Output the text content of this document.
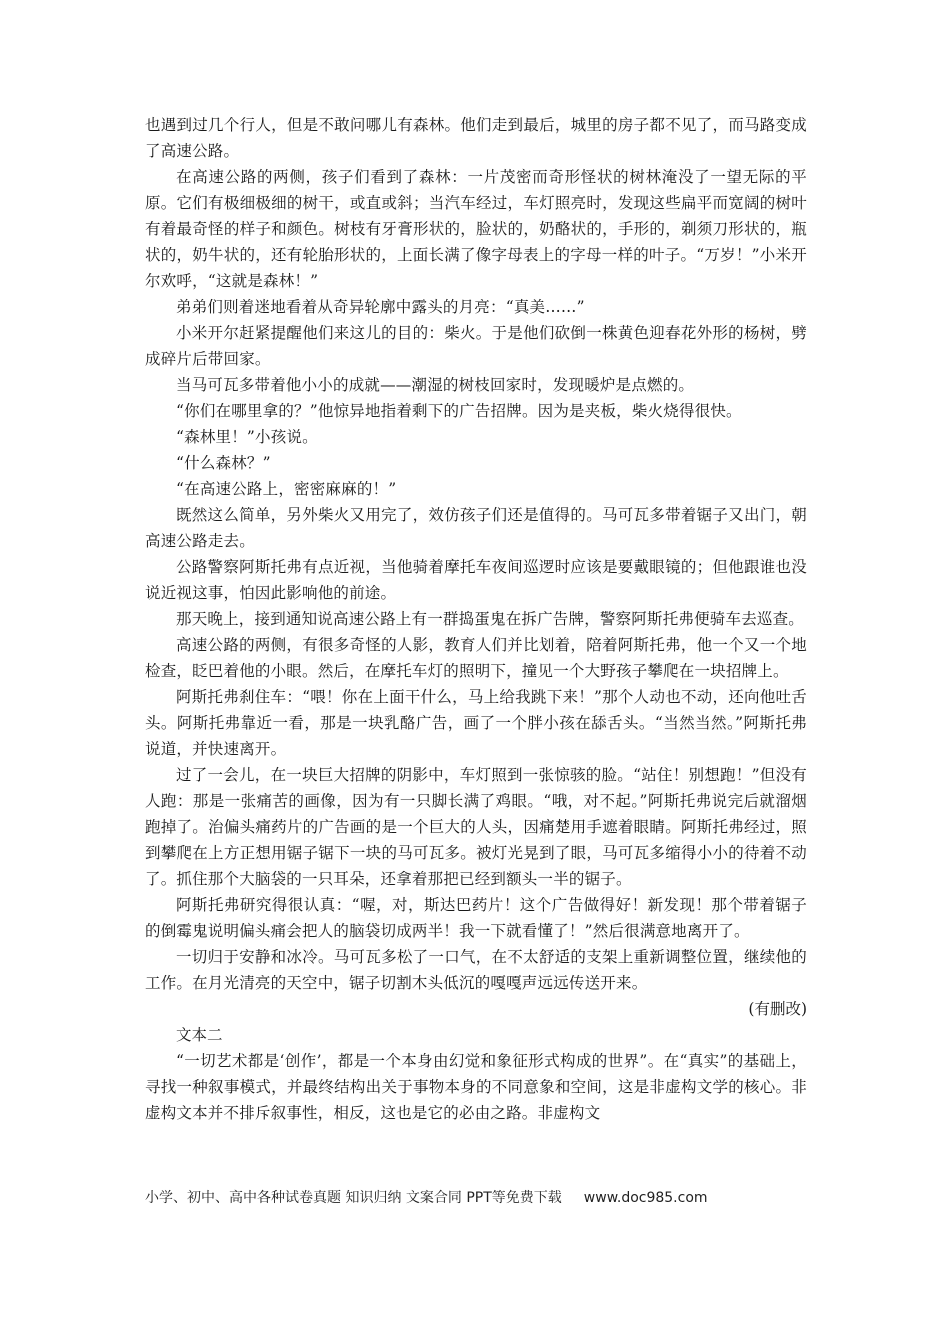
也遇到过几个行人，但是不敢问哪儿有森林。他们走到最后，城里的房子都不见了，而马路变成了高速公路。

在高速公路的两侧，孩子们看到了森林：一片茂密而奇形怪状的树林淹没了一望无际的平原。它们有极细极细的树干，或直或斜；当汽车经过，车灯照亮时，发现这些扁平而宽阔的树叶有着最奇怪的样子和颜色。树枝有牙膏形状的，脸状的，奶酪状的，手形的，剃须刀形状的，瓶状的，奶牛状的，还有轮胎形状的，上面长满了像字母表上的字母一样的叶子。“万岁！”小米开尔欢呼，“这就是森林！”

弟弟们则着迷地看着从奇异轮廓中露头的月亮：“真美……”

小米开尔赶紧提醒他们来这儿的目的：柴火。于是他们砍倒一株黄色迎春花外形的杨树，劈成碎片后带回家。

当马可瓦多带着他小小的成就——潮湿的树枝回家时，发现暖炉是点燃的。

“你们在哪里拿的？”他惊异地指着剩下的广告招牌。因为是夹板，柴火烧得很快。

“森林里！”小孩说。

“什么森林？”

“在高速公路上，密密麻麻的！”

既然这么简单，另外柴火又用完了，效仿孩子们还是值得的。马可瓦多带着锯子又出门，朝高速公路走去。

公路警察阿斯托弗有点近视，当他骑着摩托车夜间巡逻时应该是要戴眼镜的；但他跟谁也没说近视这事，怕因此影响他的前途。

那天晚上，接到通知说高速公路上有一群捣蛋鬼在拆广告牌，警察阿斯托弗便骑车去巡查。

高速公路的两侧，有很多奇怪的人影，教育人们并比划着，陪着阿斯托弗，他一个又一个地检查，眨巴着他的小眼。然后，在摩托车灯的照明下，撞见一个大野孩子攀爬在一块招牌上。

阿斯托弗刹住车：“喂！你在上面干什么，马上给我跳下来！”那个人动也不动，还向他吐舌头。阿斯托弗靠近一看，那是一块乳酪广告，画了一个胖小孩在舔舌头。“当然当然。”阿斯托弗说道，并快速离开。

过了一会儿，在一块巨大招牌的阴影中，车灯照到一张惊骇的脸。“站住！别想跑！”但没有人跑：那是一张痛苦的画像，因为有一只脚长满了鸡眼。“哦，对不起。”阿斯托弗说完后就溜烟跑掉了。治偏头痛药片的广告画的是一个巨大的人头，因痛楚用手遮着眼睛。阿斯托弗经过，照到攀爬在上方正想用锯子锯下一块的马可瓦多。被灯光晃到了眼，马可瓦多缩得小小的待着不动了。抓住那个大脑袋的一只耳朵，还拿着那把已经到额头一半的锯子。

阿斯托弗研究得很认真：“喔，对，斯达巴药片！这个广告做得好！新发现！那个带着锯子的倒霉鬼说明偏头痛会把人的脑袋切成两半！我一下就看懂了！”然后很满意地离开了。

一切归于安静和冰冷。马可瓦多松了一口气，在不太舒适的支架上重新调整位置，继续他的工作。在月光清亮的天空中，锯子切割木头低沉的嘎嘎声远远传送开来。

(有删改)

文本二

“一切艺术都是‘创作’，都是一个本身由幻觉和象征形式构成的世界”。在“真实”的基础上，寻找一种叙事模式，并最终结构出关于事物本身的不同意象和空间，这是非虚构文学的核心。非虚构文本并不排斥叙事性，相反，这也是它的必由之路。非虚构文

小学、初中、高中各种试卷真题 知识归纳 文案合同 PPT等免费下载 www.doc985.com
